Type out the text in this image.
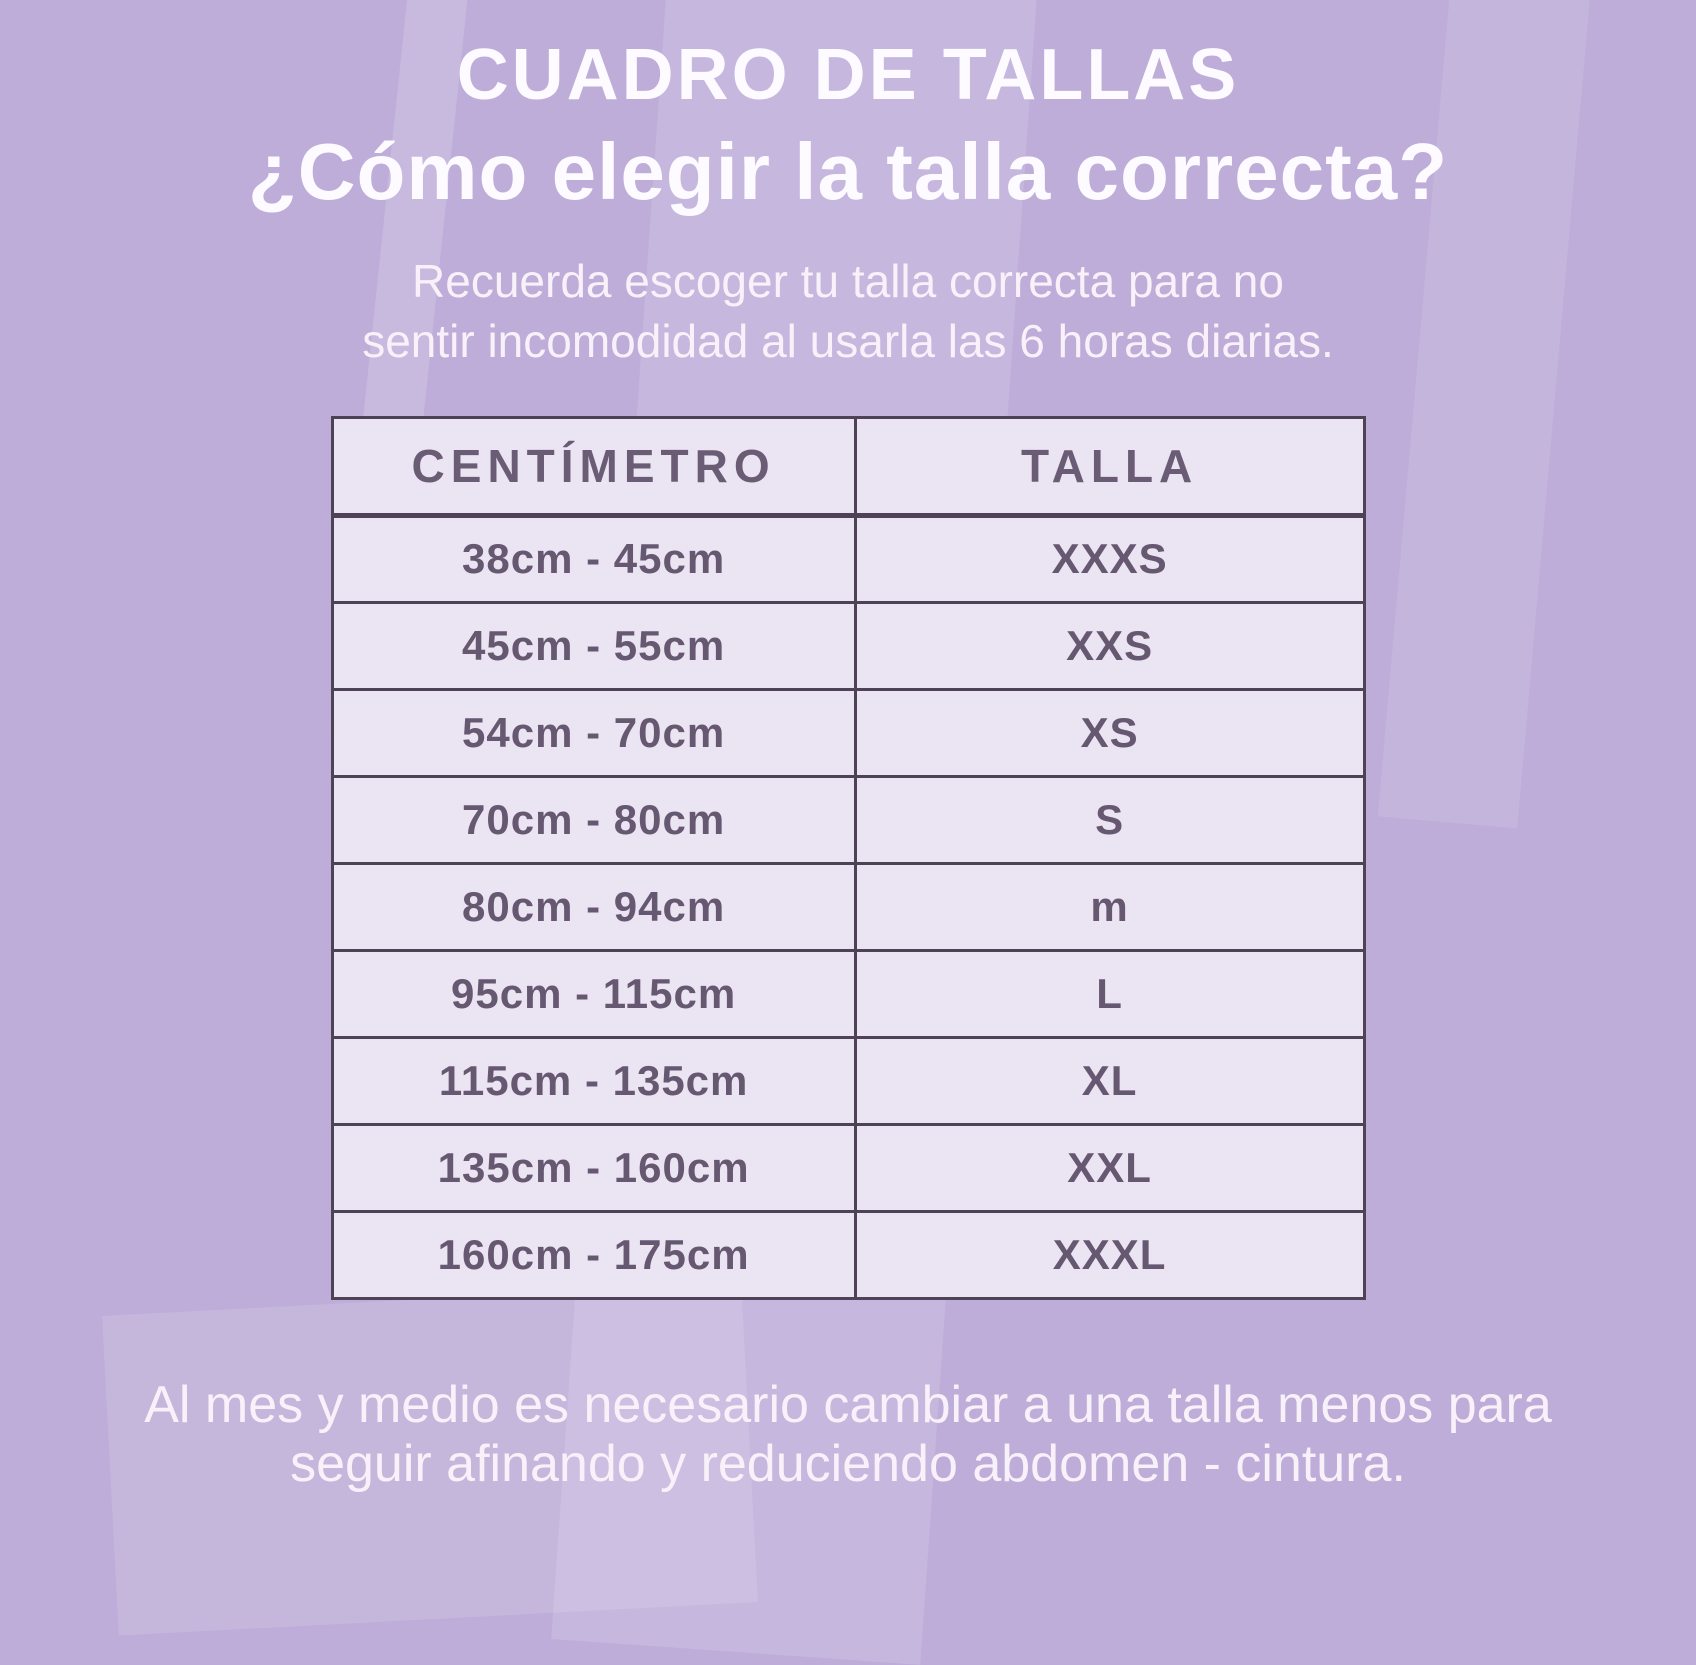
CUADRO DE TALLAS
¿Cómo elegir la talla correcta?
Recuerda escoger tu talla correcta para no
sentir incomodidad al usarla las 6 horas diarias.
CENTÍMETRO	TALLA
38cm - 45cm	XXXS
45cm - 55cm	XXS
54cm - 70cm	XS
70cm - 80cm	S
80cm - 94cm	m
95cm - 115cm	L
115cm - 135cm	XL
135cm - 160cm	XXL
160cm - 175cm	XXXL
Al mes y medio es necesario cambiar a una talla menos para
seguir afinando y reduciendo abdomen - cintura.
